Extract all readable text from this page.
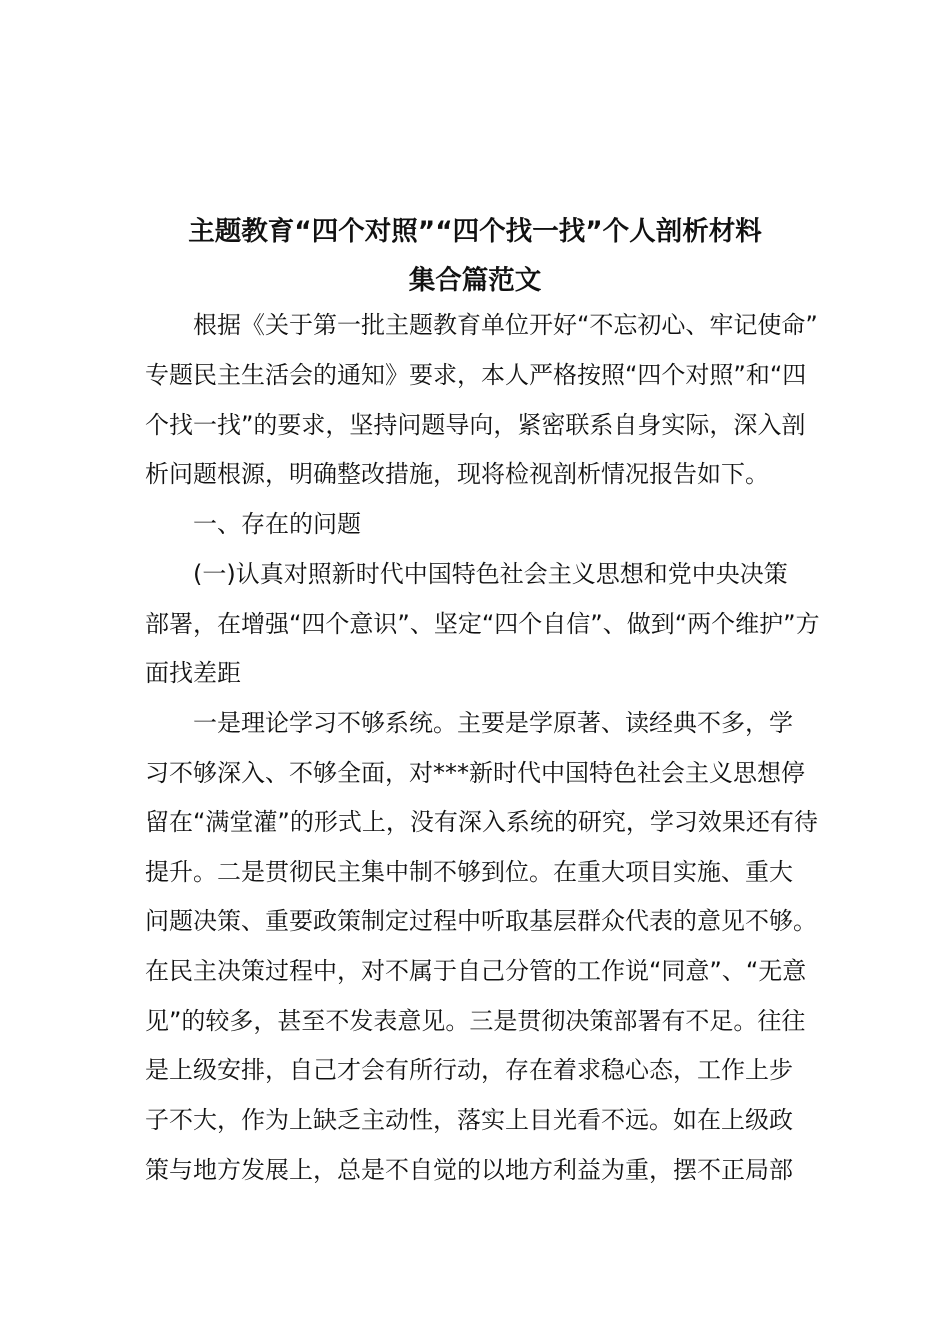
主题教育“四个对照”“四个找一找”个人剖析材料
集合篇范文
根据《关于第一批主题教育单位开好“不忘初心、牢记使命”
专题民主生活会的通知》要求，本人严格按照“四个对照”和“四
个找一找”的要求，坚持问题导向，紧密联系自身实际，深入剖
析问题根源，明确整改措施，现将检视剖析情况报告如下。
一、存在的问题
(一)认真对照新时代中国特色社会主义思想和党中央决策
部署，在增强“四个意识”、坚定“四个自信”、做到“两个维护”方
面找差距
一是理论学习不够系统。主要是学原著、读经典不多，学
习不够深入、不够全面，对***新时代中国特色社会主义思想停
留在“满堂灌”的形式上，没有深入系统的研究，学习效果还有待
提升。二是贯彻民主集中制不够到位。在重大项目实施、重大
问题决策、重要政策制定过程中听取基层群众代表的意见不够。
在民主决策过程中，对不属于自己分管的工作说“同意”、“无意
见”的较多，甚至不发表意见。三是贯彻决策部署有不足。往往
是上级安排，自己才会有所行动，存在着求稳心态，工作上步
子不大，作为上缺乏主动性，落实上目光看不远。如在上级政
策与地方发展上，总是不自觉的以地方利益为重，摆不正局部
